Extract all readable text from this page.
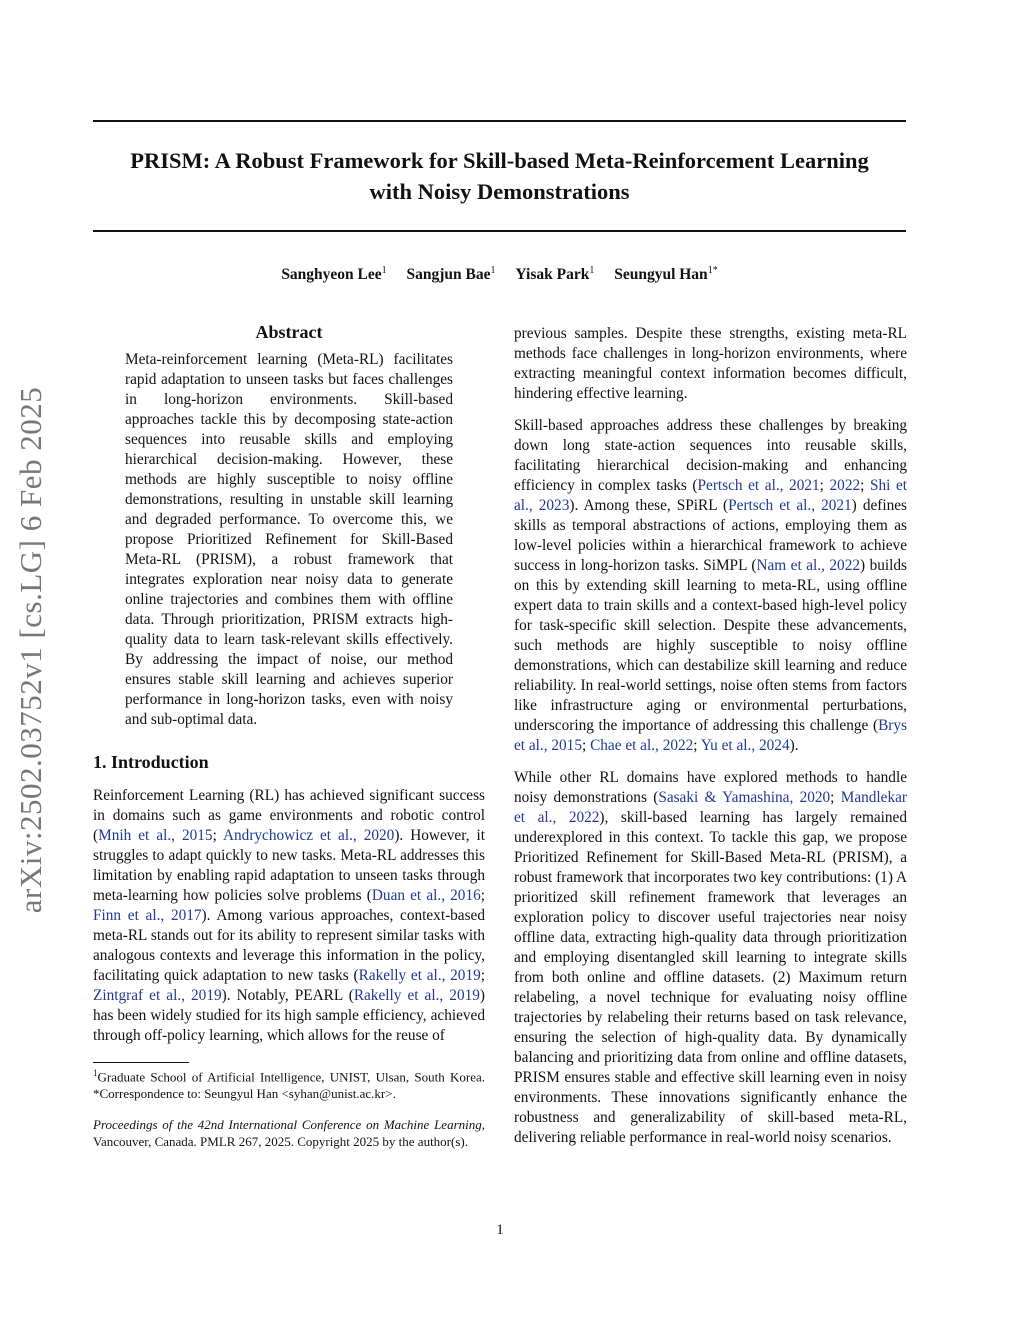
PRISM: A Robust Framework for Skill-based Meta-Reinforcement Learning
with Noisy Demonstrations
Sanghyeon Lee$^1$ Sangjun Bae$^1$ Yisak Park$^1$ Seungyul Han$^{1*}$
arXiv:2502.03752v1 [cs.LG] 6 Feb 2025
Abstract

Meta-reinforcement learning (Meta-RL) facilitates rapid adaptation to unseen tasks but faces challenges in long-horizon environments. Skill-based approaches tackle this by decomposing state-action sequences into reusable skills and employing hierarchical decision-making. However, these methods are highly susceptible to noisy offline demonstrations, resulting in unstable skill learning and degraded performance. To overcome this, we propose Prioritized Refinement for Skill-Based Meta-RL (PRISM), a robust framework that integrates exploration near noisy data to generate online trajectories and combines them with offline data. Through prioritization, PRISM extracts high-quality data to learn task-relevant skills effectively. By addressing the impact of noise, our method ensures stable skill learning and achieves superior performance in long-horizon tasks, even with noisy and sub-optimal data.

1. Introduction

Reinforcement Learning (RL) has achieved significant success in domains such as game environments and robotic control (Mnih et al., 2015; Andrychowicz et al., 2020). However, it struggles to adapt quickly to new tasks. Meta-RL addresses this limitation by enabling rapid adaptation to unseen tasks through meta-learning how policies solve problems (Duan et al., 2016; Finn et al., 2017). Among various approaches, context-based meta-RL stands out for its ability to represent similar tasks with analogous contexts and leverage this information in the policy, facilitating quick adaptation to new tasks (Rakelly et al., 2019; Zintgraf et al., 2019). Notably, PEARL (Rakelly et al., 2019) has been widely studied for its high sample efficiency, achieved through off-policy learning, which allows for the reuse of

$^1$Graduate School of Artificial Intelligence, UNIST, Ulsan, South Korea. *Correspondence to: Seungyul Han <syhan@unist.ac.kr>.

Proceedings of the 42nd International Conference on Machine Learning, Vancouver, Canada. PMLR 267, 2025. Copyright 2025 by the author(s).

previous samples. Despite these strengths, existing meta-RL methods face challenges in long-horizon environments, where extracting meaningful context information becomes difficult, hindering effective learning.

Skill-based approaches address these challenges by breaking down long state-action sequences into reusable skills, facilitating hierarchical decision-making and enhancing efficiency in complex tasks (Pertsch et al., 2021; 2022; Shi et al., 2023). Among these, SPiRL (Pertsch et al., 2021) defines skills as temporal abstractions of actions, employing them as low-level policies within a hierarchical framework to achieve success in long-horizon tasks. SiMPL (Nam et al., 2022) builds on this by extending skill learning to meta-RL, using offline expert data to train skills and a context-based high-level policy for task-specific skill selection. Despite these advancements, such methods are highly susceptible to noisy offline demonstrations, which can destabilize skill learning and reduce reliability. In real-world settings, noise often stems from factors like infrastructure aging or environmental perturbations, underscoring the importance of addressing this challenge (Brys et al., 2015; Chae et al., 2022; Yu et al., 2024).

While other RL domains have explored methods to handle noisy demonstrations (Sasaki & Yamashina, 2020; Mandlekar et al., 2022), skill-based learning has largely remained underexplored in this context. To tackle this gap, we propose Prioritized Refinement for Skill-Based Meta-RL (PRISM), a robust framework that incorporates two key contributions: (1) A prioritized skill refinement framework that leverages an exploration policy to discover useful trajectories near noisy offline data, extracting high-quality data through prioritization and employing disentangled skill learning to integrate skills from both online and offline datasets. (2) Maximum return relabeling, a novel technique for evaluating noisy offline trajectories by relabeling their returns based on task relevance, ensuring the selection of high-quality data. By dynamically balancing and prioritizing data from online and offline datasets, PRISM ensures stable and effective skill learning even in noisy environments. These innovations significantly enhance the robustness and generalizability of skill-based meta-RL, delivering reliable performance in real-world noisy scenarios.

1
